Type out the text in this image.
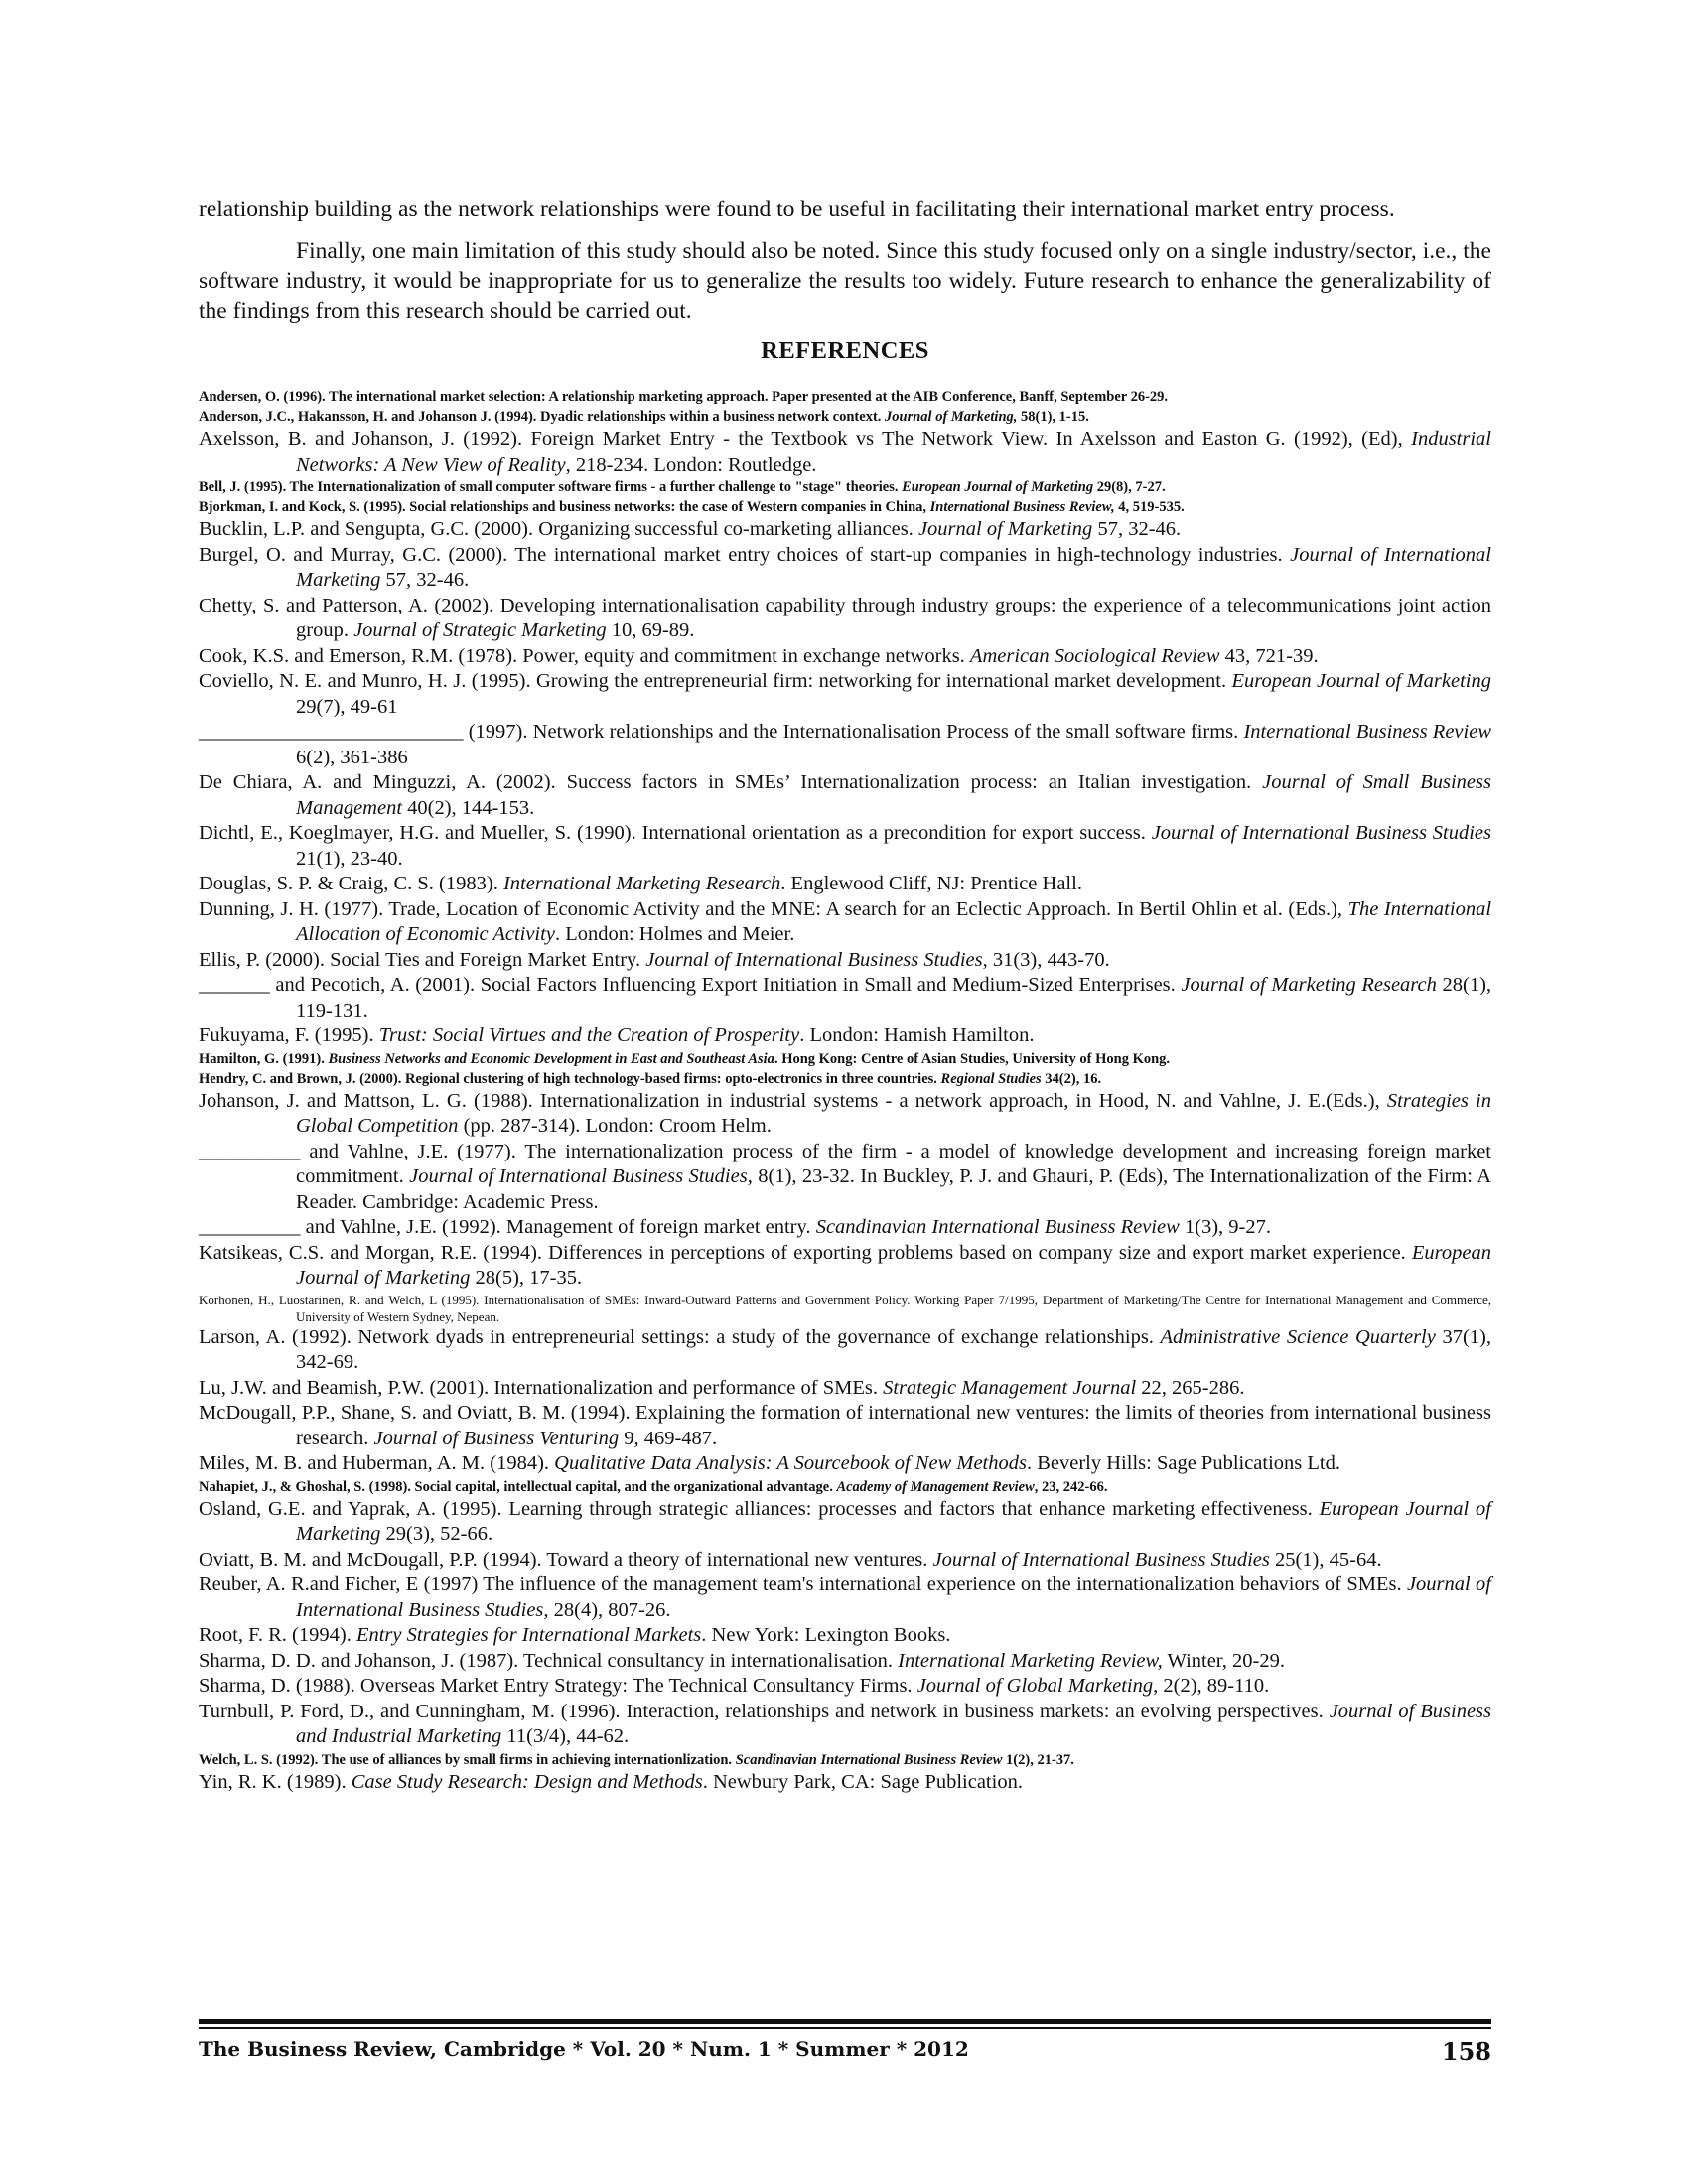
relationship building as the network relationships were found to be useful in facilitating their international market entry process.

Finally, one main limitation of this study should also be noted. Since this study focused only on a single industry/sector, i.e., the software industry, it would be inappropriate for us to generalize the results too widely. Future research to enhance the generalizability of the findings from this research should be carried out.

REFERENCES

Andersen, O. (1996). The international market selection: A relationship marketing approach. Paper presented at the AIB Conference, Banff, September 26-29.

Anderson, J.C., Hakansson, H. and Johanson J. (1994). Dyadic relationships within a business network context. Journal of Marketing, 58(1), 1-15.

Axelsson, B. and Johanson, J. (1992). Foreign Market Entry - the Textbook vs The Network View. In Axelsson and Easton G. (1992), (Ed), Industrial Networks: A New View of Reality, 218-234. London: Routledge.

Bell, J. (1995). The Internationalization of small computer software firms - a further challenge to "stage" theories. European Journal of Marketing 29(8), 7-27.

Bjorkman, I. and Kock, S. (1995). Social relationships and business networks: the case of Western companies in China, International Business Review, 4, 519-535.

Bucklin, L.P. and Sengupta, G.C. (2000). Organizing successful co-marketing alliances. Journal of Marketing 57, 32-46.

Burgel, O. and Murray, G.C. (2000). The international market entry choices of start-up companies in high-technology industries. Journal of International Marketing 57, 32-46.

Chetty, S. and Patterson, A. (2002). Developing internationalisation capability through industry groups: the experience of a telecommunications joint action group. Journal of Strategic Marketing 10, 69-89.

Cook, K.S. and Emerson, R.M. (1978). Power, equity and commitment in exchange networks. American Sociological Review 43, 721-39.

Coviello, N. E. and Munro, H. J. (1995). Growing the entrepreneurial firm: networking for international market development. European Journal of Marketing 29(7), 49-61

__________________________ (1997). Network relationships and the Internationalisation Process of the small software firms. International Business Review 6(2), 361-386

De Chiara, A. and Minguzzi, A. (2002). Success factors in SMEs’ Internationalization process: an Italian investigation. Journal of Small Business Management 40(2), 144-153.

Dichtl, E., Koeglmayer, H.G. and Mueller, S. (1990). International orientation as a precondition for export success. Journal of International Business Studies 21(1), 23-40.

Douglas, S. P. & Craig, C. S. (1983). International Marketing Research. Englewood Cliff, NJ: Prentice Hall.

Dunning, J. H. (1977). Trade, Location of Economic Activity and the MNE: A search for an Eclectic Approach. In Bertil Ohlin et al. (Eds.), The International Allocation of Economic Activity. London: Holmes and Meier.

Ellis, P. (2000). Social Ties and Foreign Market Entry. Journal of International Business Studies, 31(3), 443-70.

_______ and Pecotich, A. (2001). Social Factors Influencing Export Initiation in Small and Medium-Sized Enterprises. Journal of Marketing Research 28(1), 119-131.

Fukuyama, F. (1995). Trust: Social Virtues and the Creation of Prosperity. London: Hamish Hamilton.

Hamilton, G. (1991). Business Networks and Economic Development in East and Southeast Asia. Hong Kong: Centre of Asian Studies, University of Hong Kong.

Hendry, C. and Brown, J. (2000). Regional clustering of high technology-based firms: opto-electronics in three countries. Regional Studies 34(2), 16.

Johanson, J. and Mattson, L. G. (1988). Internationalization in industrial systems - a network approach, in Hood, N. and Vahlne, J. E.(Eds.), Strategies in Global Competition (pp. 287-314). London: Croom Helm.

__________ and Vahlne, J.E. (1977). The internationalization process of the firm - a model of knowledge development and increasing foreign market commitment. Journal of International Business Studies, 8(1), 23-32. In Buckley, P. J. and Ghauri, P. (Eds), The Internationalization of the Firm: A Reader. Cambridge: Academic Press.

__________ and Vahlne, J.E. (1992). Management of foreign market entry. Scandinavian International Business Review 1(3), 9-27.

Katsikeas, C.S. and Morgan, R.E. (1994). Differences in perceptions of exporting problems based on company size and export market experience. European Journal of Marketing 28(5), 17-35.

Korhonen, H., Luostarinen, R. and Welch, L (1995). Internationalisation of SMEs: Inward-Outward Patterns and Government Policy. Working Paper 7/1995, Department of Marketing/The Centre for International Management and Commerce, University of Western Sydney, Nepean.

Larson, A. (1992). Network dyads in entrepreneurial settings: a study of the governance of exchange relationships. Administrative Science Quarterly 37(1), 342-69.

Lu, J.W. and Beamish, P.W. (2001). Internationalization and performance of SMEs. Strategic Management Journal 22, 265-286.

McDougall, P.P., Shane, S. and Oviatt, B. M. (1994). Explaining the formation of international new ventures: the limits of theories from international business research. Journal of Business Venturing 9, 469-487.

Miles, M. B. and Huberman, A. M. (1984). Qualitative Data Analysis: A Sourcebook of New Methods. Beverly Hills: Sage Publications Ltd.

Nahapiet, J., & Ghoshal, S. (1998). Social capital, intellectual capital, and the organizational advantage. Academy of Management Review, 23, 242-66.

Osland, G.E. and Yaprak, A. (1995). Learning through strategic alliances: processes and factors that enhance marketing effectiveness. European Journal of Marketing 29(3), 52-66.

Oviatt, B. M. and McDougall, P.P. (1994). Toward a theory of international new ventures. Journal of International Business Studies 25(1), 45-64.

Reuber, A. R.and Ficher, E (1997) The influence of the management team's international experience on the internationalization behaviors of SMEs. Journal of International Business Studies, 28(4), 807-26.

Root, F. R. (1994). Entry Strategies for International Markets. New York: Lexington Books.

Sharma, D. D. and Johanson, J. (1987). Technical consultancy in internationalisation. International Marketing Review, Winter, 20-29.

Sharma, D. (1988). Overseas Market Entry Strategy: The Technical Consultancy Firms. Journal of Global Marketing, 2(2), 89-110.

Turnbull, P. Ford, D., and Cunningham, M. (1996). Interaction, relationships and network in business markets: an evolving perspectives. Journal of Business and Industrial Marketing 11(3/4), 44-62.

Welch, L. S. (1992). The use of alliances by small firms in achieving internationlization. Scandinavian International Business Review 1(2), 21-37.

Yin, R. K. (1989). Case Study Research: Design and Methods. Newbury Park, CA: Sage Publication.

The Business Review, Cambridge * Vol. 20 * Num. 1 * Summer * 2012	158
